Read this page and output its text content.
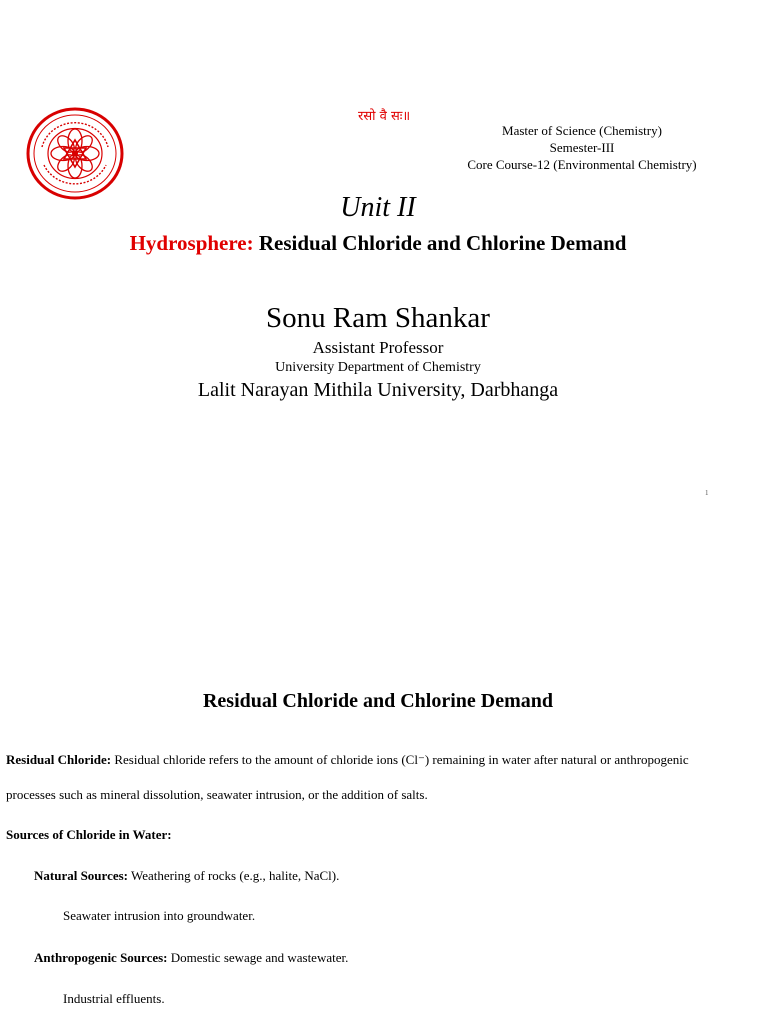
रसो वै सः॥
Master of Science (Chemistry)
Semester-III
Core Course-12 (Environmental Chemistry)
Unit II
Hydrosphere: Residual Chloride and Chlorine Demand
Sonu Ram Shankar
Assistant Professor
University Department of Chemistry
Lalit Narayan Mithila University, Darbhanga
1
Residual Chloride and Chlorine Demand
Residual Chloride: Residual chloride refers to the amount of chloride ions (Cl⁻) remaining in water after natural or anthropogenic
processes such as mineral dissolution, seawater intrusion, or the addition of salts.
Sources of Chloride in Water:
Natural Sources: Weathering of rocks (e.g., halite, NaCl).
Seawater intrusion into groundwater.
Anthropogenic Sources: Domestic sewage and wastewater.
Industrial effluents.
